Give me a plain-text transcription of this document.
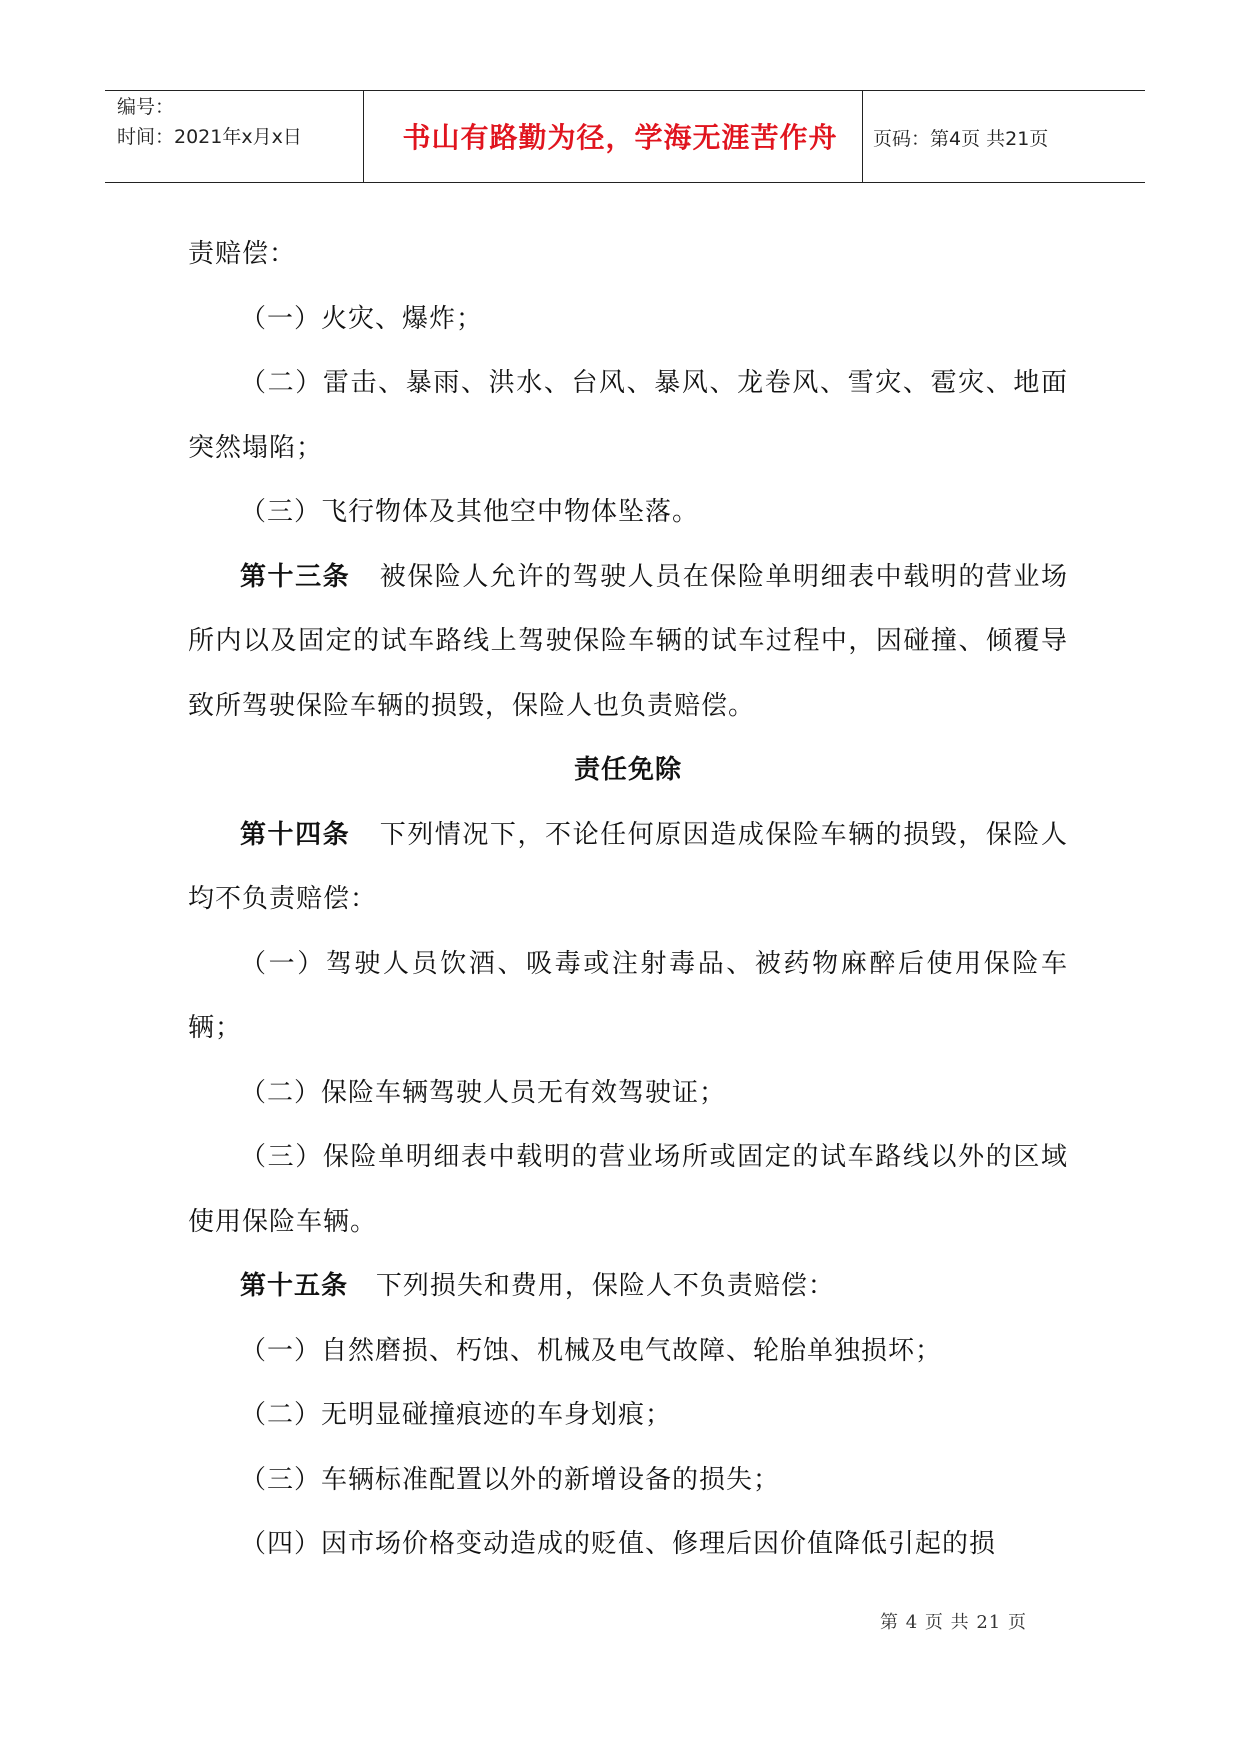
编号：
时间：2021年x月x日	书山有路勤为径，学海无涯苦作舟	页码：第4页 共21页

责赔偿：

（一）火灾、爆炸；

（二）雷击、暴雨、洪水、台风、暴风、龙卷风、雪灾、雹灾、地面突然塌陷；

（三）飞行物体及其他空中物体坠落。

第十三条 被保险人允许的驾驶人员在保险单明细表中载明的营业场所内以及固定的试车路线上驾驶保险车辆的试车过程中，因碰撞、倾覆导致所驾驶保险车辆的损毁，保险人也负责赔偿。

责任免除

第十四条 下列情况下，不论任何原因造成保险车辆的损毁，保险人均不负责赔偿：

（一）驾驶人员饮酒、吸毒或注射毒品、被药物麻醉后使用保险车辆；

（二）保险车辆驾驶人员无有效驾驶证；

（三）保险单明细表中载明的营业场所或固定的试车路线以外的区域使用保险车辆。

第十五条 下列损失和费用，保险人不负责赔偿：

（一）自然磨损、朽蚀、机械及电气故障、轮胎单独损坏；

（二）无明显碰撞痕迹的车身划痕；

（三）车辆标准配置以外的新增设备的损失；

（四）因市场价格变动造成的贬值、修理后因价值降低引起的损

第 4 页 共 21 页
